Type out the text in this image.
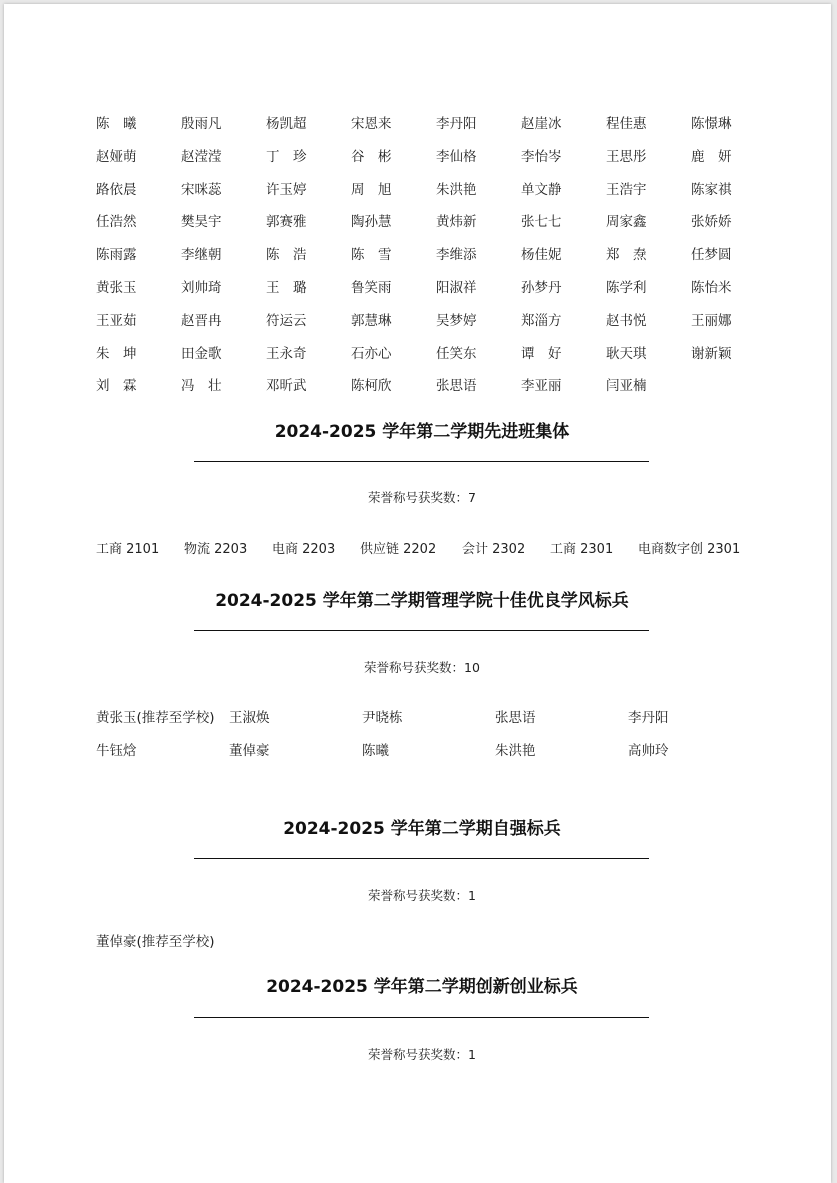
陈　曦	殷雨凡	杨凯超	宋恩来	李丹阳	赵崖冰	程佳惠	陈憬琳
赵娅萌	赵滢滢	丁　珍	谷　彬	李仙格	李怡岑	王思彤	鹿　妍
路依晨	宋咪蕊	许玉婷	周　旭	朱洪艳	单文静	王浩宇	陈家祺
任浩然	樊昊宇	郭赛雅	陶孙慧	黄炜新	张七七	周家鑫	张娇娇
陈雨露	李继朝	陈　浩	陈　雪	李维添	杨佳妮	郑　焘	任梦圆
黄张玉	刘帅琦	王　璐	鲁笑雨	阳淑祥	孙梦丹	陈学利	陈怡米
王亚茹	赵晋冉	符运云	郭慧琳	吴梦婷	郑淄方	赵书悦	王丽娜
朱　坤	田金歌	王永奇	石亦心	任笑东	谭　好	耿天琪	谢新颖
刘　霖	冯　壮	邓昕武	陈柯欣	张思语	李亚丽	闫亚楠
2024-2025 学年第二学期先进班集体
荣誉称号获奖数：7
工商 2101 物流 2203 电商 2203 供应链 2202 会计 2302 工商 2301 电商数字创 2301
2024-2025 学年第二学期管理学院十佳优良学风标兵
荣誉称号获奖数：10
黄张玉(推荐至学校)	王淑焕	尹晓栋	张思语	李丹阳
牛钰焓	董倬豪	陈曦	朱洪艳	高帅玲
2024-2025 学年第二学期自强标兵
荣誉称号获奖数：1
董倬豪(推荐至学校)
2024-2025 学年第二学期创新创业标兵
荣誉称号获奖数：1
